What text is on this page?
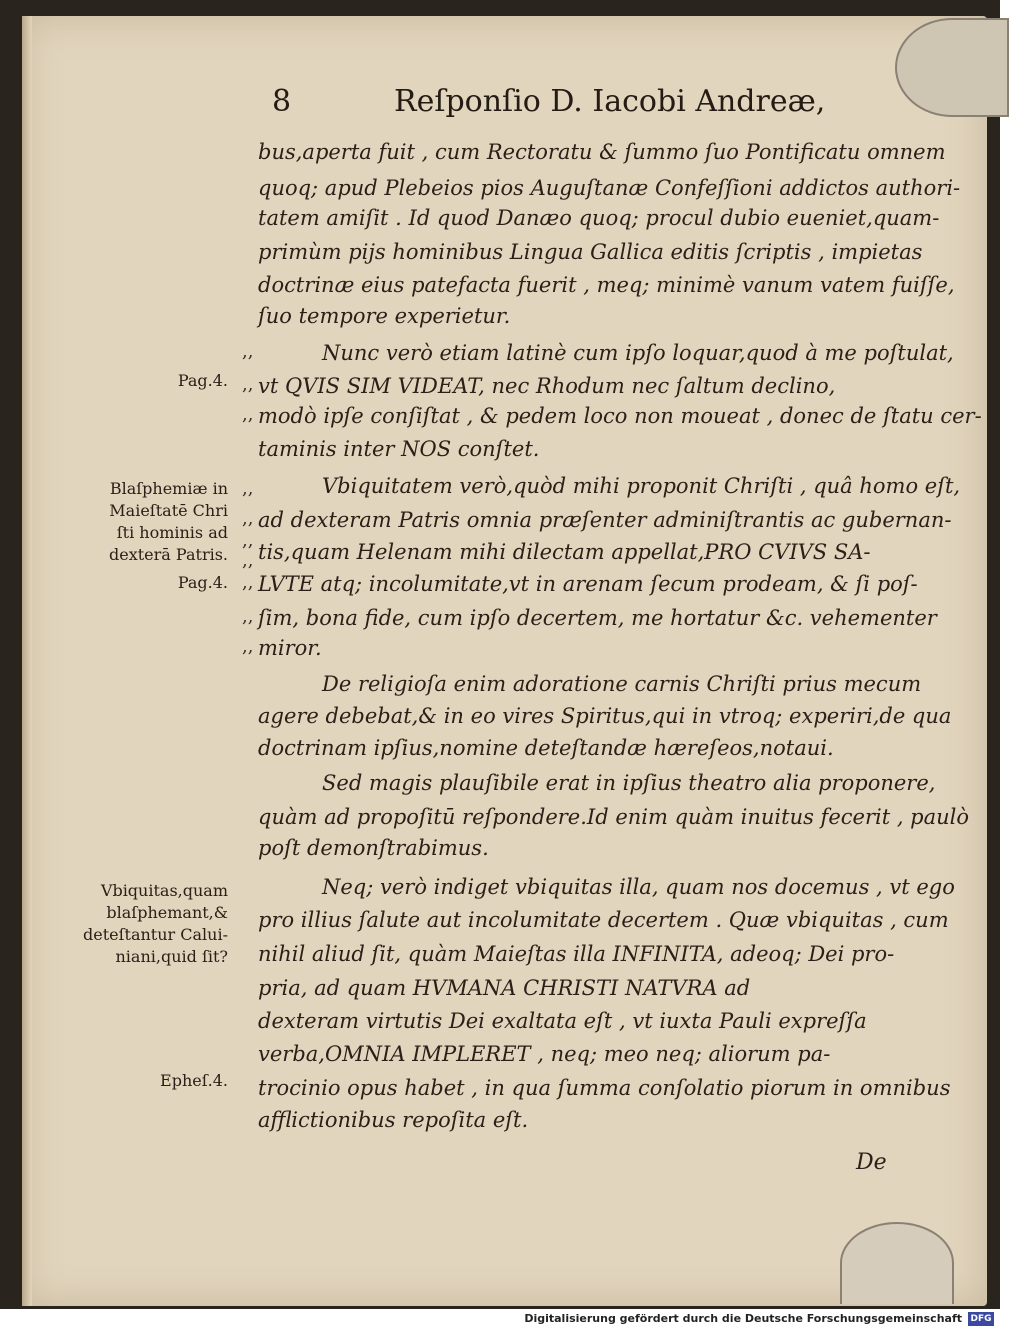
8	Reſponſio D. Iacobi Andreæ,
bus,aperta fuit , cum Rectoratu & ſummo ſuo Pontificatu omnem
quoq; apud Plebeios pios Auguſtanæ Confeſſioni addictos authori-
tatem amiſit . Id quod Danæo quoq; procul dubio eueniet,quam-
primùm pijs hominibus Lingua Gallica editis ſcriptis , impietas
doctrinæ eius patefacta fuerit , meq; minimè vanum vatem fuiſſe,
ſuo tempore experietur.
Nunc verò etiam latinè cum ipſo loquar,quod à me poſtulat,
vt QVIS SIM VIDEAT, nec Rhodum nec ſaltum declino,
modò ipſe conſiſtat , & pedem loco non moueat , donec de ſtatu cer-
taminis inter NOS conſtet.
Vbiquitatem verò,quòd mihi proponit Chriſti , quâ homo eſt,
ad dexteram Patris omnia præſenter adminiſtrantis ac gubernan-
tis,quam Helenam mihi dilectam appellat,PRO CVIVS SA-
LVTE atq; incolumitate,vt in arenam ſecum prodeam, & ſi poſ-
ſim, bona fide, cum ipſo decertem, me hortatur &c. vehementer
miror.
De religioſa enim adoratione carnis Chriſti prius mecum
agere debebat,& in eo vires Spiritus,qui in vtroq; experiri,de qua
doctrinam ipſius,nomine deteſtandæ hæreſeos,notaui.
Sed magis plauſibile erat in ipſius theatro alia proponere,
quàm ad propoſitū reſpondere.Id enim quàm inuitus fecerit , paulò
poſt demonſtrabimus.
Neq; verò indiget vbiquitas illa, quam nos docemus , vt ego
pro illius ſalute aut incolumitate decertem . Quæ vbiquitas , cum
nihil aliud ſit, quàm Maieſtas illa INFINITA, adeoq; Dei pro-
pria, ad quam HVMANA CHRISTI NATVRA ad
dexteram virtutis Dei exaltata eſt , vt iuxta Pauli expreſſa
verba,OMNIA IMPLERET , neq; meo neq; aliorum pa-
trocinio opus habet , in qua ſumma conſolatio piorum in omnibus
afflictionibus repoſita eſt.
,,
,,
,,
,,
,,
,,
,,
,,
,,
,,
Pag.4.
Blaſphemiæ in
Maieſtatē Chri
ſti hominis ad
dexterā Patris.
Pag.4.
Vbiquitas,quam
blaſphemant,&
deteſtantur Calui-
niani,quid ſit?
Epheſ.4.
De
Digitalisierung gefördert durch die Deutsche Forschungsgemeinschaft DFG
